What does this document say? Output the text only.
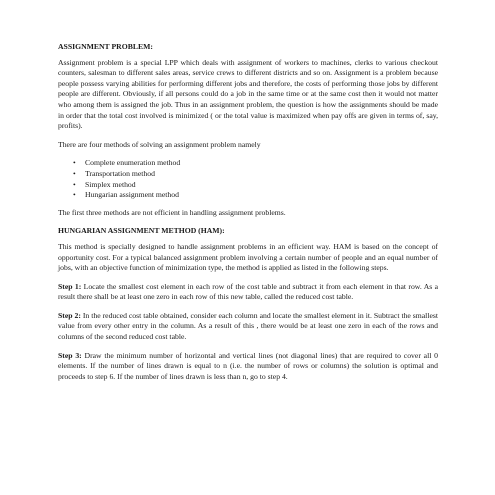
ASSIGNMENT PROBLEM:

Assignment problem is a special LPP which deals with assignment of workers to machines, clerks to various checkout counters, salesman to different sales areas, service crews to different districts and so on. Assignment is a problem because people possess varying abilities for performing different jobs and therefore, the costs of performing those jobs by different people are different. Obviously, if all persons could do a job in the same time or at the same cost then it would not matter who among them is assigned the job. Thus in an assignment problem, the question is how the assignments should be made in order that the total cost involved is minimized ( or the total value is maximized when pay offs are given in terms of, say, profits).

There are four methods of solving an assignment problem namely

• Complete enumeration method
• Transportation method
• Simplex method
• Hungarian assignment method

The first three methods are not efficient in handling assignment problems.

HUNGARIAN ASSIGNMENT METHOD (HAM):

This method is specially designed to handle assignment problems in an efficient way. HAM is based on the concept of opportunity cost. For a typical balanced assignment problem involving a certain number of people and an equal number of jobs, with an objective function of minimization type, the method is applied as listed in the following steps.

Step 1: Locate the smallest cost element in each row of the cost table and subtract it from each element in that row. As a result there shall be at least one zero in each row of this new table, called the reduced cost table.

Step 2: In the reduced cost table obtained, consider each column and locate the smallest element in it. Subtract the smallest value from every other entry in the column. As a result of this , there would be at least one zero in each of the rows and columns of the second reduced cost table.

Step 3: Draw the minimum number of horizontal and vertical lines (not diagonal lines) that are required to cover all 0 elements. If the number of lines drawn is equal to n (i.e. the number of rows or columns) the solution is optimal and proceeds to step 6. If the number of lines drawn is less than n, go to step 4.
